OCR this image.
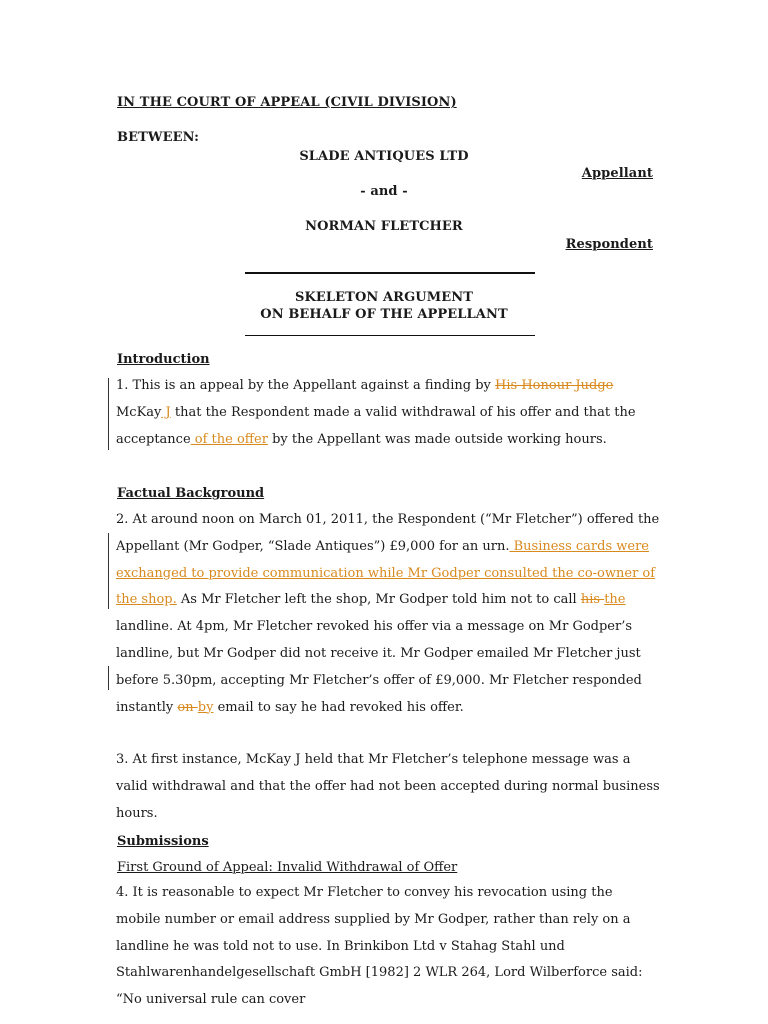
IN THE COURT OF APPEAL (CIVIL DIVISION)
BETWEEN:
SLADE ANTIQUES LTD
Appellant
- and -
NORMAN FLETCHER
Respondent
SKELETON ARGUMENT
ON BEHALF OF THE APPELLANT
Introduction
1. This is an appeal by the Appellant against a finding by His Honour Judge McKay J that the Respondent made a valid withdrawal of his offer and that the acceptance of the offer by the Appellant was made outside working hours.
Factual Background
2. At around noon on March 01, 2011, the Respondent (“Mr Fletcher”) offered the Appellant (Mr Godper, “Slade Antiques”) £9,000 for an urn. Business cards were exchanged to provide communication while Mr Godper consulted the co-owner of the shop. As Mr Fletcher left the shop, Mr Godper told him not to call his the landline. At 4pm, Mr Fletcher revoked his offer via a message on Mr Godper’s landline, but Mr Godper did not receive it. Mr Godper emailed Mr Fletcher just before 5.30pm, accepting Mr Fletcher’s offer of £9,000. Mr Fletcher responded instantly on by email to say he had revoked his offer.
3. At first instance, McKay J held that Mr Fletcher’s telephone message was a valid withdrawal and that the offer had not been accepted during normal business hours.
Submissions
First Ground of Appeal: Invalid Withdrawal of Offer
4. It is reasonable to expect Mr Fletcher to convey his revocation using the mobile number or email address supplied by Mr Godper, rather than rely on a landline he was told not to use. In Brinkibon Ltd v Stahag Stahl und Stahlwarenhandelgesellschaft GmbH [1982] 2 WLR 264, Lord Wilberforce said: “No universal rule can cover
